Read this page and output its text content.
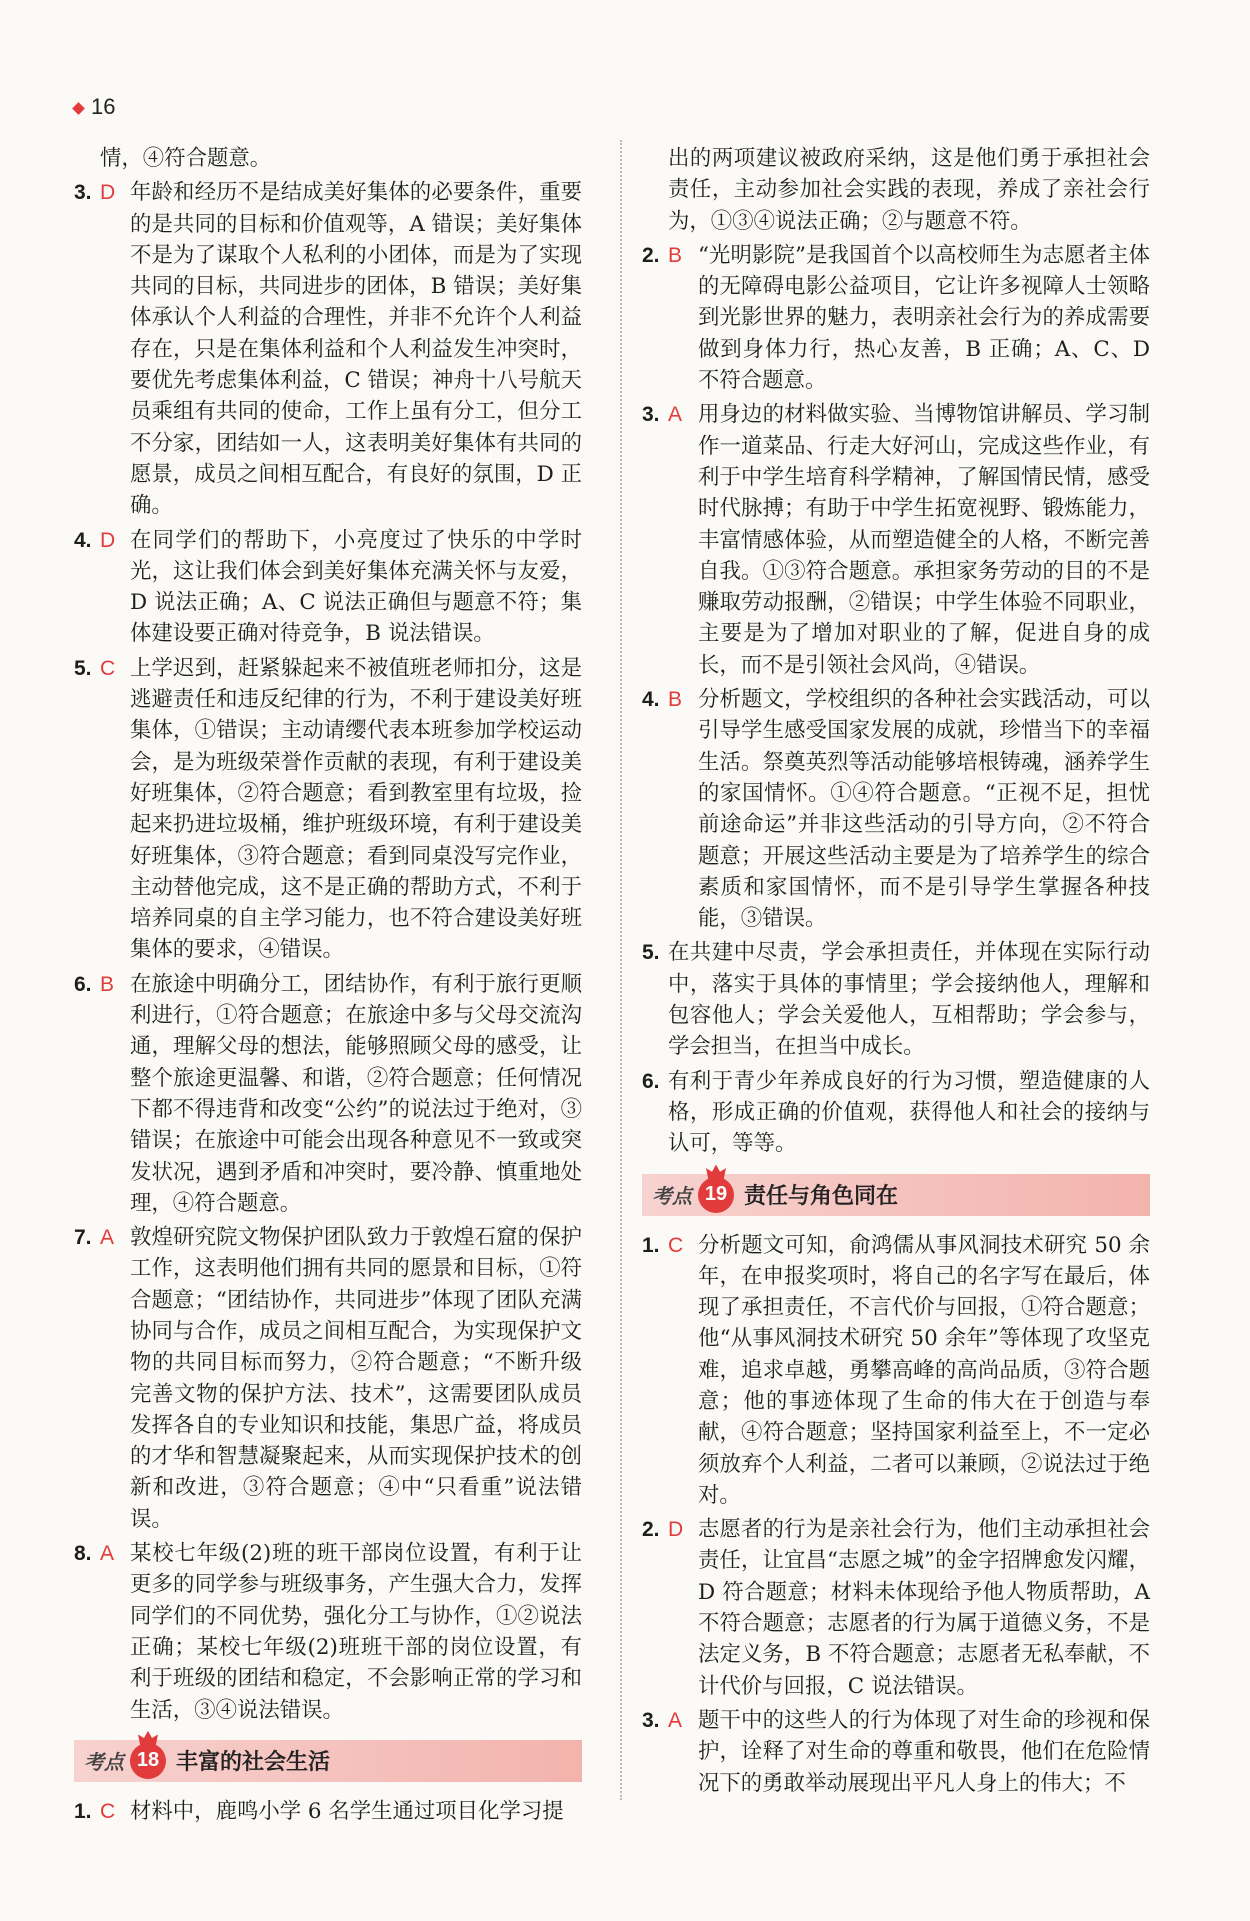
16

情，④符合题意。

3. D 年龄和经历不是结成美好集体的必要条件，重要的是共同的目标和价值观等，A 错误；美好集体不是为了谋取个人私利的小团体，而是为了实现共同的目标，共同进步的团体，B 错误；美好集体承认个人利益的合理性，并非不允许个人利益存在，只是在集体利益和个人利益发生冲突时，要优先考虑集体利益，C 错误；神舟十八号航天员乘组有共同的使命，工作上虽有分工，但分工不分家，团结如一人，这表明美好集体有共同的愿景，成员之间相互配合，有良好的氛围，D 正确。
4. D 在同学们的帮助下，小亮度过了快乐的中学时光，这让我们体会到美好集体充满关怀与友爱，D 说法正确；A、C 说法正确但与题意不符；集体建设要正确对待竞争，B 说法错误。
5. C 上学迟到，赶紧躲起来不被值班老师扣分，这是逃避责任和违反纪律的行为，不利于建设美好班集体，①错误；主动请缨代表本班参加学校运动会，是为班级荣誉作贡献的表现，有利于建设美好班集体，②符合题意；看到教室里有垃圾，捡起来扔进垃圾桶，维护班级环境，有利于建设美好班集体，③符合题意；看到同桌没写完作业，主动替他完成，这不是正确的帮助方式，不利于培养同桌的自主学习能力，也不符合建设美好班集体的要求，④错误。
6. B 在旅途中明确分工，团结协作，有利于旅行更顺利进行，①符合题意；在旅途中多与父母交流沟通，理解父母的想法，能够照顾父母的感受，让整个旅途更温馨、和谐，②符合题意；任何情况下都不得违背和改变“公约”的说法过于绝对，③错误；在旅途中可能会出现各种意见不一致或突发状况，遇到矛盾和冲突时，要冷静、慎重地处理，④符合题意。
7. A 敦煌研究院文物保护团队致力于敦煌石窟的保护工作，这表明他们拥有共同的愿景和目标，①符合题意；“团结协作，共同进步”体现了团队充满协同与合作，成员之间相互配合，为实现保护文物的共同目标而努力，②符合题意；“不断升级完善文物的保护方法、技术”，这需要团队成员发挥各自的专业知识和技能，集思广益，将成员的才华和智慧凝聚起来，从而实现保护技术的创新和改进，③符合题意；④中“只看重”说法错误。
8. A 某校七年级(2)班的班干部岗位设置，有利于让更多的同学参与班级事务，产生强大合力，发挥同学们的不同优势，强化分工与协作，①②说法正确；某校七年级(2)班班干部的岗位设置，有利于班级的团结和稳定，不会影响正常的学习和生活，③④说法错误。
考点 18 丰富的社会生活
1. C 材料中，鹿鸣小学 6 名学生通过项目化学习提

出的两项建议被政府采纳，这是他们勇于承担社会责任，主动参加社会实践的表现，养成了亲社会行为，①③④说法正确；②与题意不符。

2. B “光明影院”是我国首个以高校师生为志愿者主体的无障碍电影公益项目，它让许多视障人士领略到光影世界的魅力，表明亲社会行为的养成需要做到身体力行，热心友善，B 正确；A、C、D 不符合题意。
3. A 用身边的材料做实验、当博物馆讲解员、学习制作一道菜品、行走大好河山，完成这些作业，有利于中学生培育科学精神，了解国情民情，感受时代脉搏；有助于中学生拓宽视野、锻炼能力，丰富情感体验，从而塑造健全的人格，不断完善自我。①③符合题意。承担家务劳动的目的不是赚取劳动报酬，②错误；中学生体验不同职业，主要是为了增加对职业的了解，促进自身的成长，而不是引领社会风尚，④错误。
4. B 分析题文，学校组织的各种社会实践活动，可以引导学生感受国家发展的成就，珍惜当下的幸福生活。祭奠英烈等活动能够培根铸魂，涵养学生的家国情怀。①④符合题意。“正视不足，担忧前途命运”并非这些活动的引导方向，②不符合题意；开展这些活动主要是为了培养学生的综合素质和家国情怀，而不是引导学生掌握各种技能，③错误。
5. 在共建中尽责，学会承担责任，并体现在实际行动中，落实于具体的事情里；学会接纳他人，理解和包容他人；学会关爱他人，互相帮助；学会参与，学会担当，在担当中成长。
6. 有利于青少年养成良好的行为习惯，塑造健康的人格，形成正确的价值观，获得他人和社会的接纳与认可，等等。
考点 19 责任与角色同在
1. C 分析题文可知，俞鸿儒从事风洞技术研究 50 余年，在申报奖项时，将自己的名字写在最后，体现了承担责任，不言代价与回报，①符合题意；他“从事风洞技术研究 50 余年”等体现了攻坚克难，追求卓越，勇攀高峰的高尚品质，③符合题意；他的事迹体现了生命的伟大在于创造与奉献，④符合题意；坚持国家利益至上，不一定必须放弃个人利益，二者可以兼顾，②说法过于绝对。
2. D 志愿者的行为是亲社会行为，他们主动承担社会责任，让宜昌“志愿之城”的金字招牌愈发闪耀，D 符合题意；材料未体现给予他人物质帮助，A 不符合题意；志愿者的行为属于道德义务，不是法定义务，B 不符合题意；志愿者无私奉献，不计代价与回报，C 说法错误。
3. A 题干中的这些人的行为体现了对生命的珍视和保护，诠释了对生命的尊重和敬畏，他们在危险情况下的勇敢举动展现出平凡人身上的伟大；不
